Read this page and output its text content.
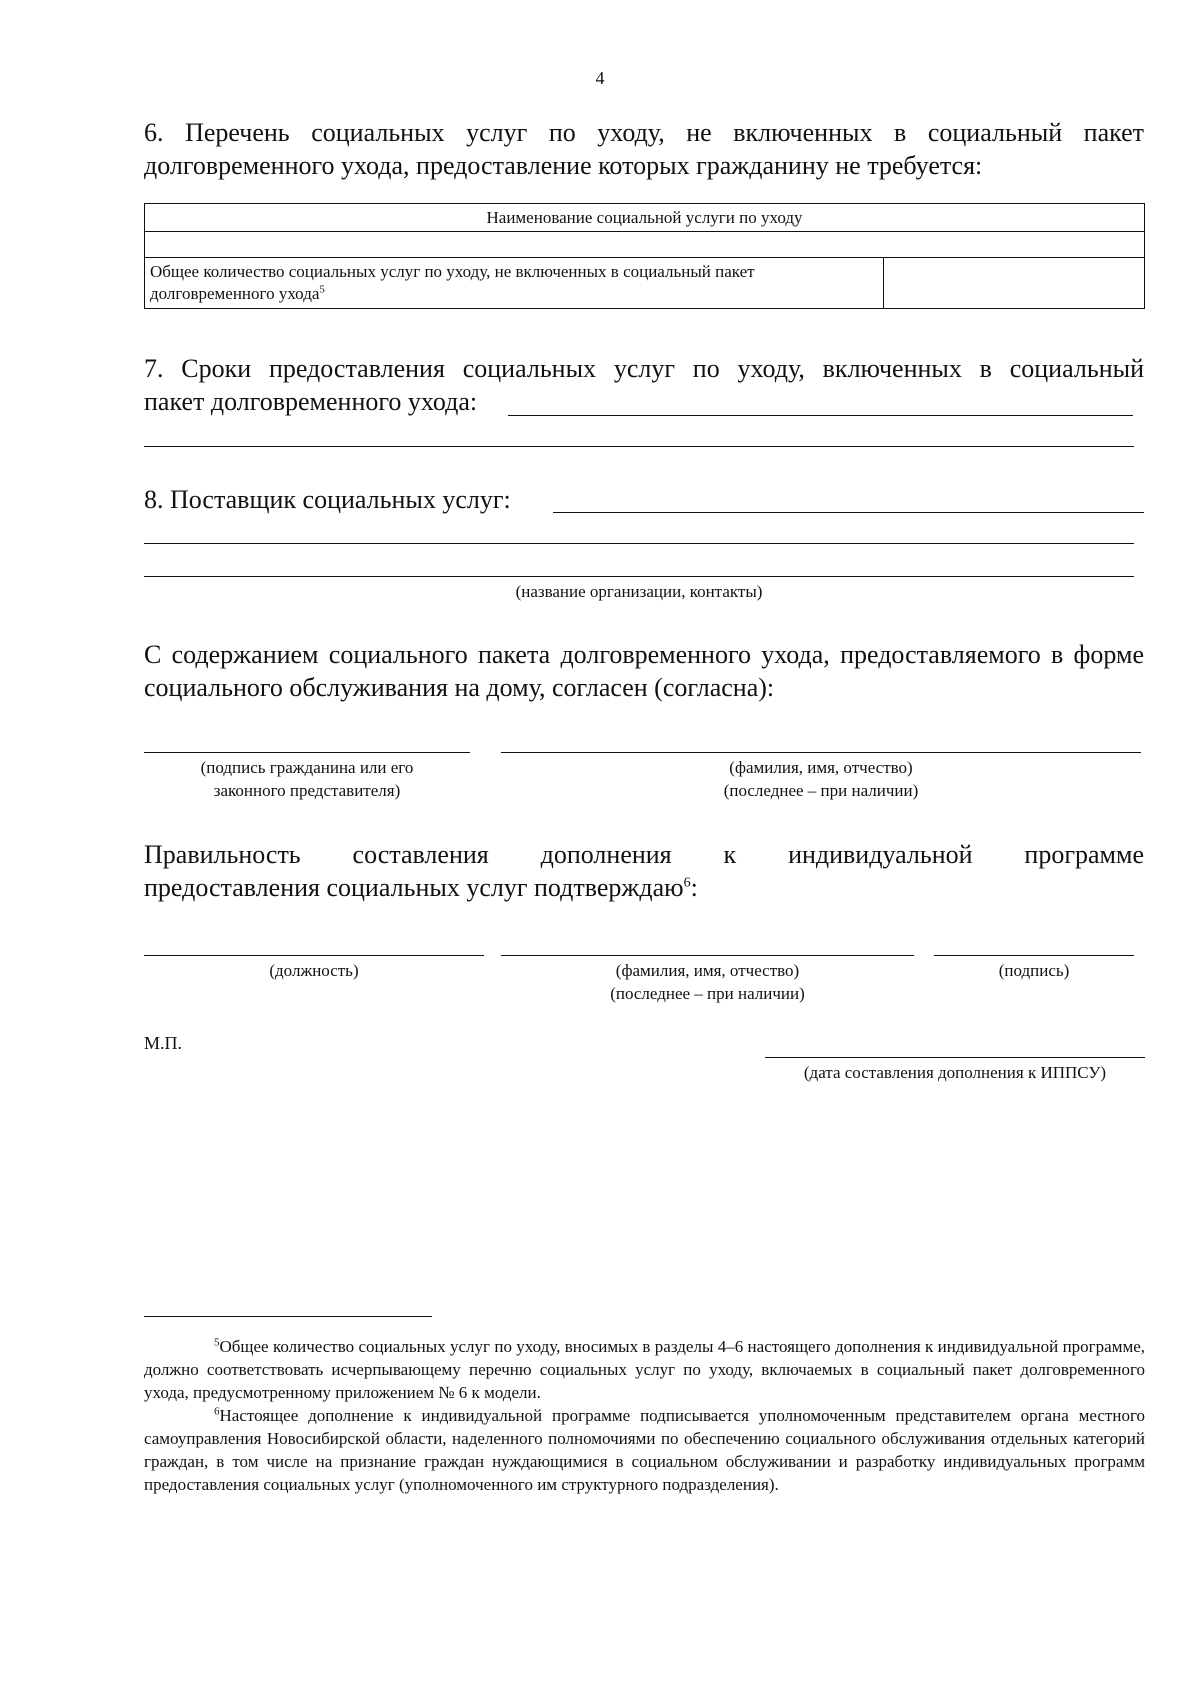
4
6. Перечень социальных услуг по уходу, не включенных в социальный пакет долговременного ухода, предоставление которых гражданину не требуется:
Наименование социальной услуги по уходу

Общее количество социальных услуг по уходу, не включенных в социальный пакет долговременного ухода$^5$	
7. Сроки предоставления социальных услуг по уходу, включенных в социальный
пакет долговременного ухода:
8. Поставщик социальных услуг:
(название организации, контакты)
С содержанием социального пакета долговременного ухода, предоставляемого в форме социального обслуживания на дому, согласен (согласна):
(подпись гражданина или его
законного представителя)
(фамилия, имя, отчество)
(последнее – при наличии)
Правильность составления дополнения к индивидуальной программе
предоставления социальных услуг подтверждаю$^6$:
(должность)	(фамилия, имя, отчество)
(последнее – при наличии)
(подпись)
М.П.
(дата составления дополнения к ИППСУ)
$^5$Общее количество социальных услуг по уходу, вносимых в разделы 4–6 настоящего дополнения к индивидуальной программе, должно соответствовать исчерпывающему перечню социальных услуг по уходу, включаемых в социальный пакет долговременного ухода, предусмотренному приложением № 6 к модели.
$^6$Настоящее дополнение к индивидуальной программе подписывается уполномоченным представителем органа местного самоуправления Новосибирской области, наделенного полномочиями по обеспечению социального обслуживания отдельных категорий граждан, в том числе на признание граждан нуждающимися в социальном обслуживании и разработку индивидуальных программ предоставления социальных услуг (уполномоченного им структурного подразделения).
